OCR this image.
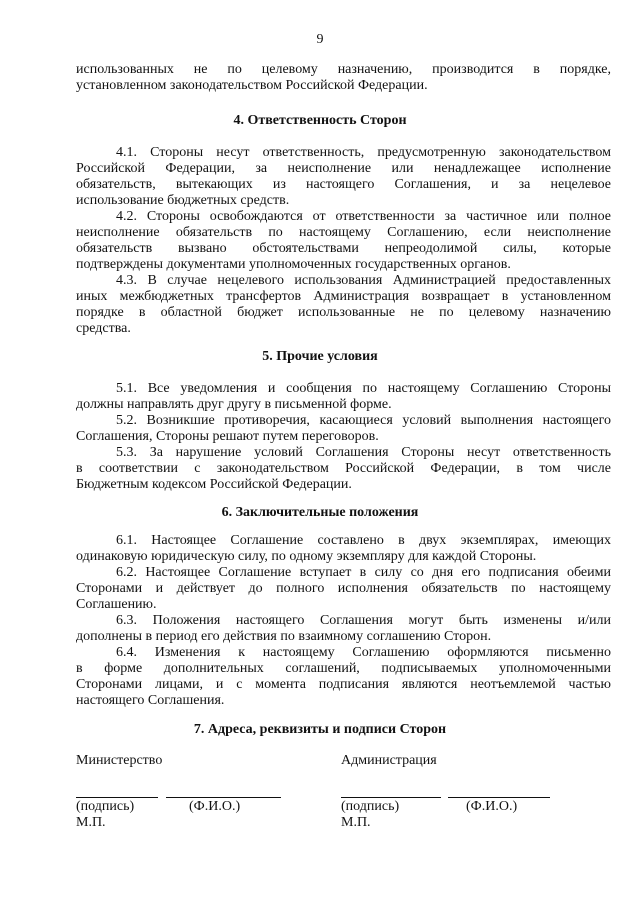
9
использованных не по целевому назначению, производится в порядке,
установленном законодательством Российской Федерации.
4. Ответственность Сторон
4.1. Стороны несут ответственность, предусмотренную законодательством
Российской Федерации, за неисполнение или ненадлежащее исполнение
обязательств, вытекающих из настоящего Соглашения, и за нецелевое
использование бюджетных средств.
4.2. Стороны освобождаются от ответственности за частичное или полное
неисполнение обязательств по настоящему Соглашению, если неисполнение
обязательств вызвано обстоятельствами непреодолимой силы, которые
подтверждены документами уполномоченных государственных органов.
4.3. В случае нецелевого использования Администрацией предоставленных
иных межбюджетных трансфертов Администрация возвращает в установленном
порядке в областной бюджет использованные не по целевому назначению
средства.
5. Прочие условия
5.1. Все уведомления и сообщения по настоящему Соглашению Стороны
должны направлять друг другу в письменной форме.
5.2. Возникшие противоречия, касающиеся условий выполнения настоящего
Соглашения, Стороны решают путем переговоров.
5.3. За нарушение условий Соглашения Стороны несут ответственность
в соответствии с законодательством Российской Федерации, в том числе
Бюджетным кодексом Российской Федерации.
6. Заключительные положения
6.1. Настоящее Соглашение составлено в двух экземплярах, имеющих
одинаковую юридическую силу, по одному экземпляру для каждой Стороны.
6.2. Настоящее Соглашение вступает в силу со дня его подписания обеими
Сторонами и действует до полного исполнения обязательств по настоящему
Соглашению.
6.3. Положения настоящего Соглашения могут быть изменены и/или
дополнены в период его действия по взаимному соглашению Сторон.
6.4. Изменения к настоящему Соглашению оформляются письменно
в форме дополнительных соглашений, подписываемых уполномоченными
Сторонами лицами, и с момента подписания являются неотъемлемой частью
настоящего Соглашения.
7. Адреса, реквизиты и подписи Сторон
Министерство
(подпись)	(Ф.И.О.)
М.П.
Администрация
(подпись)	(Ф.И.О.)
М.П.
